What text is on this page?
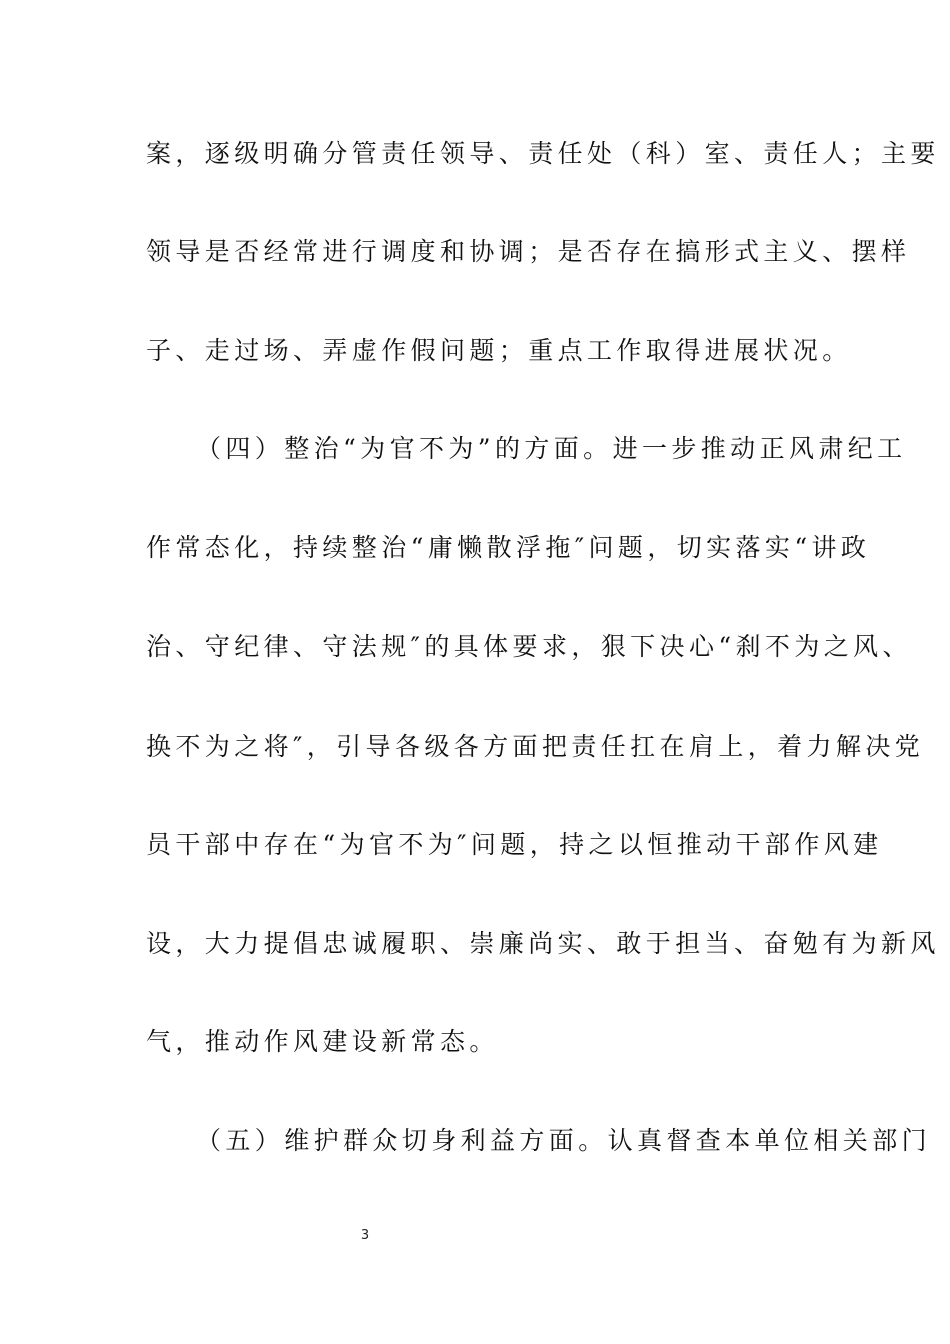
案，逐级明确分管责任领导、责任处（科）室、责任人；主要
领导是否经常进行调度和协调；是否存在搞形式主义、摆样
子、走过场、弄虚作假问题；重点工作取得进展状况。
（四）整治“为官不为”的方面。进一步推动正风肃纪工
作常态化，持续整治“庸懒散浮拖″问题，切实落实“讲政
治、守纪律、守法规″的具体要求，狠下决心“刹不为之风、
换不为之将″，引导各级各方面把责任扛在肩上，着力解决党
员干部中存在“为官不为″问题，持之以恒推动干部作风建
设，大力提倡忠诚履职、崇廉尚实、敢于担当、奋勉有为新风
气，推动作风建设新常态。
（五）维护群众切身利益方面。认真督查本单位相关部门
3
